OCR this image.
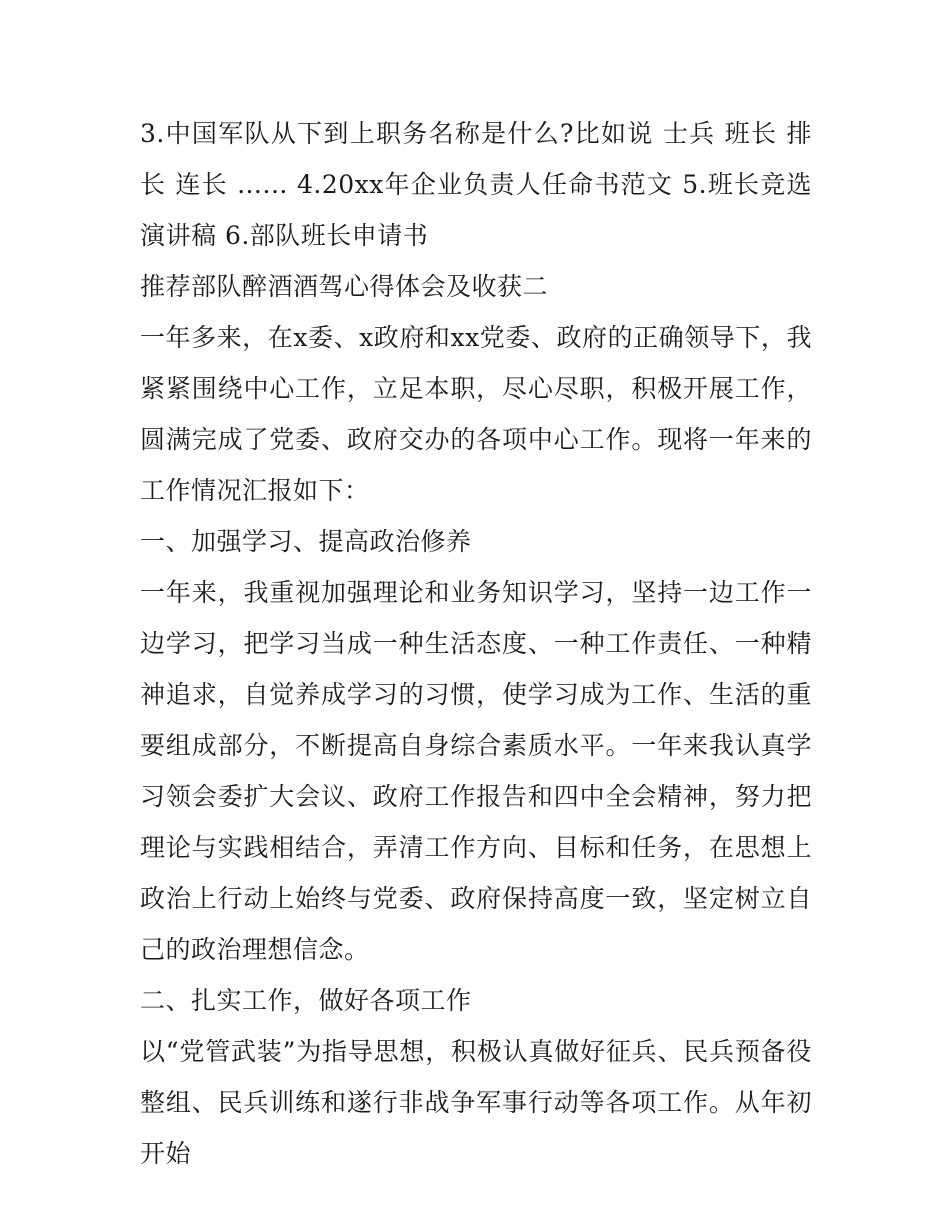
3.中国军队从下到上职务名称是什么?比如说 士兵 班长 排长 连长 …... 4.20xx年企业负责人任命书范文 5.班长竞选演讲稿 6.部队班长申请书

推荐部队醉酒酒驾心得体会及收获二

一年多来，在x委、x政府和xx党委、政府的正确领导下，我紧紧围绕中心工作，立足本职，尽心尽职，积极开展工作，圆满完成了党委、政府交办的各项中心工作。现将一年来的工作情况汇报如下：

一、加强学习、提高政治修养

一年来，我重视加强理论和业务知识学习，坚持一边工作一边学习，把学习当成一种生活态度、一种工作责任、一种精神追求，自觉养成学习的习惯，使学习成为工作、生活的重要组成部分，不断提高自身综合素质水平。一年来我认真学习领会委扩大会议、政府工作报告和四中全会精神，努力把理论与实践相结合，弄清工作方向、目标和任务，在思想上政治上行动上始终与党委、政府保持高度一致，坚定树立自己的政治理想信念。

二、扎实工作，做好各项工作

以“党管武装”为指导思想，积极认真做好征兵、民兵预备役整组、民兵训练和遂行非战争军事行动等各项工作。从年初开始
